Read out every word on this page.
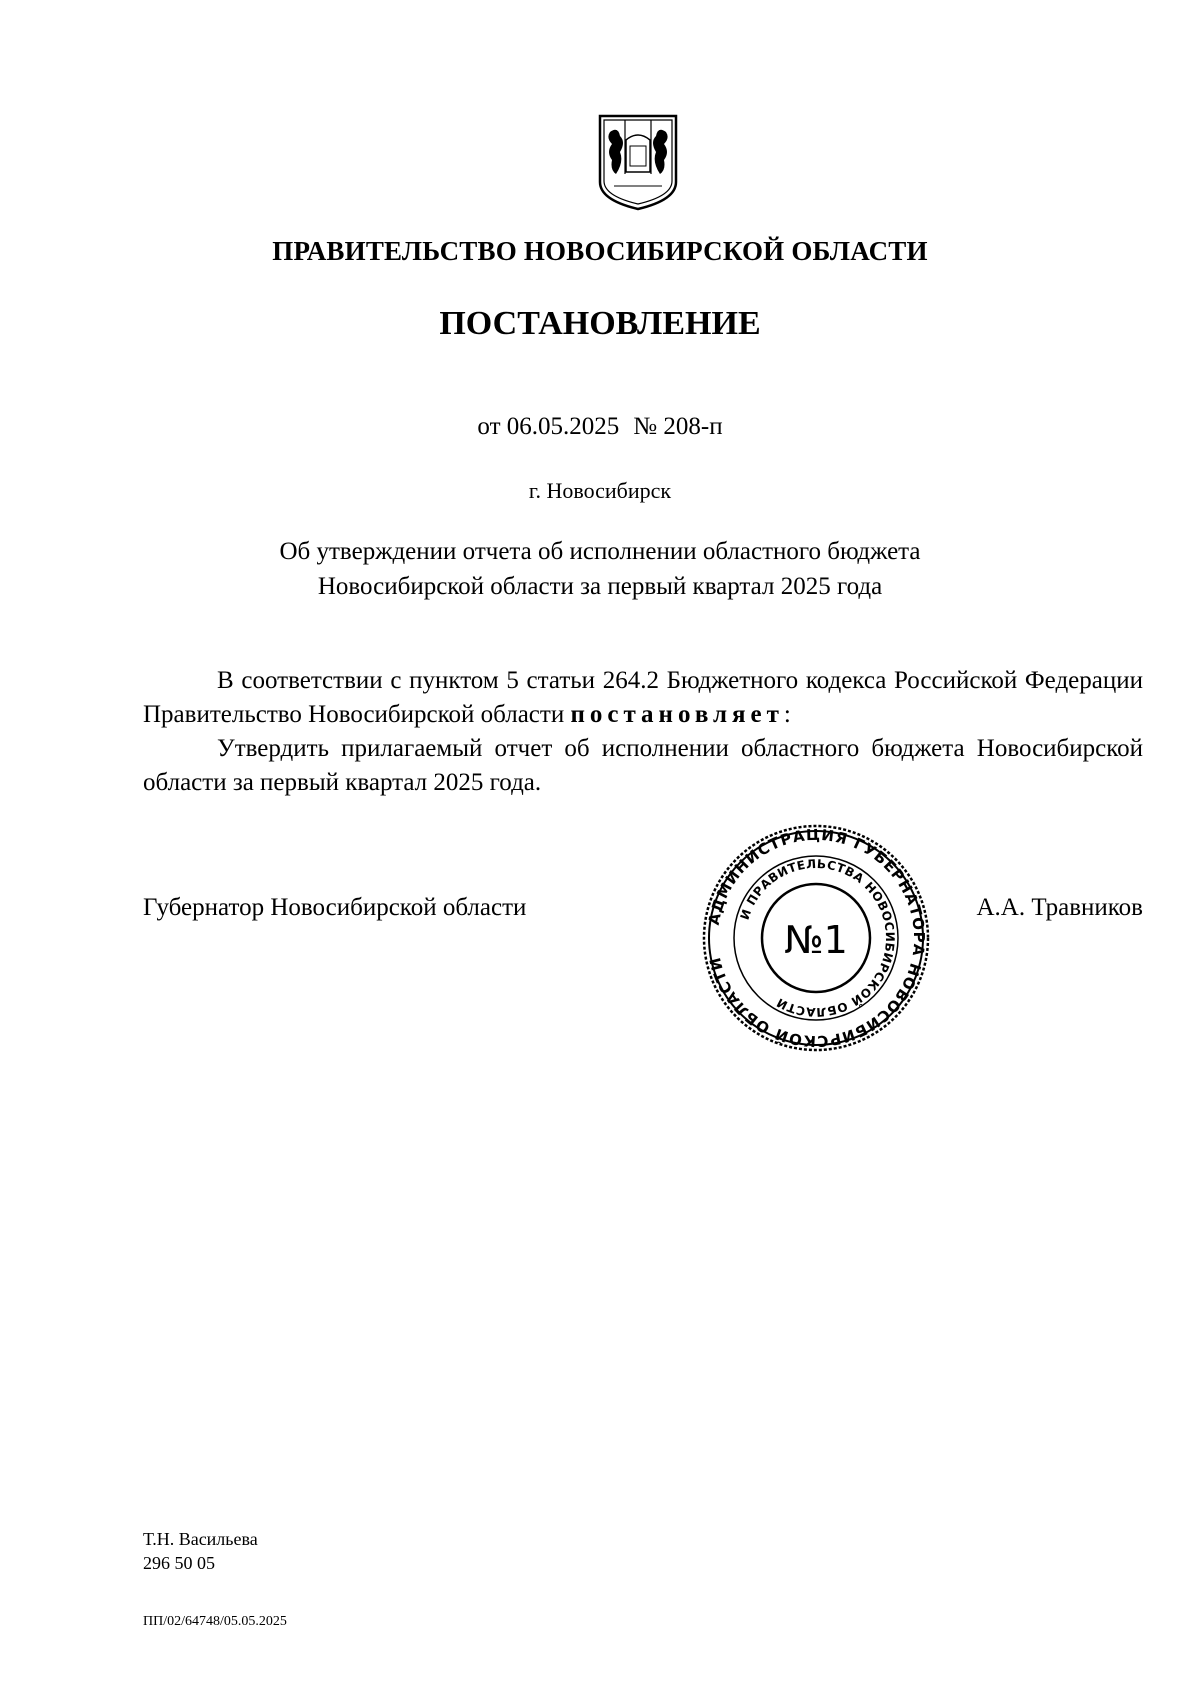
ПРАВИТЕЛЬСТВО НОВОСИБИРСКОЙ ОБЛАСТИ
ПОСТАНОВЛЕНИЕ
от 06.05.2025 № 208-п
г. Новосибирск
Об утверждении отчета об исполнении областного бюджета
Новосибирской области за первый квартал 2025 года

В соответствии с пунктом 5 статьи 264.2 Бюджетного кодекса Российской Федерации Правительство Новосибирской области постановляет:

Утвердить прилагаемый отчет об исполнении областного бюджета Новосибирской области за первый квартал 2025 года.

Губернатор Новосибирской области	АДМИНИСТРАЦИЯ ГУБЕРНАТОРА НОВОСИБИРСКОЙ ОБЛАСТИ
И ПРАВИТЕЛЬСТВА НОВОСИБИРСКОЙ ОБЛАСТИ
№1
А.А. Травников
Т.Н. Васильева
296 50 05
ПП/02/64748/05.05.2025
